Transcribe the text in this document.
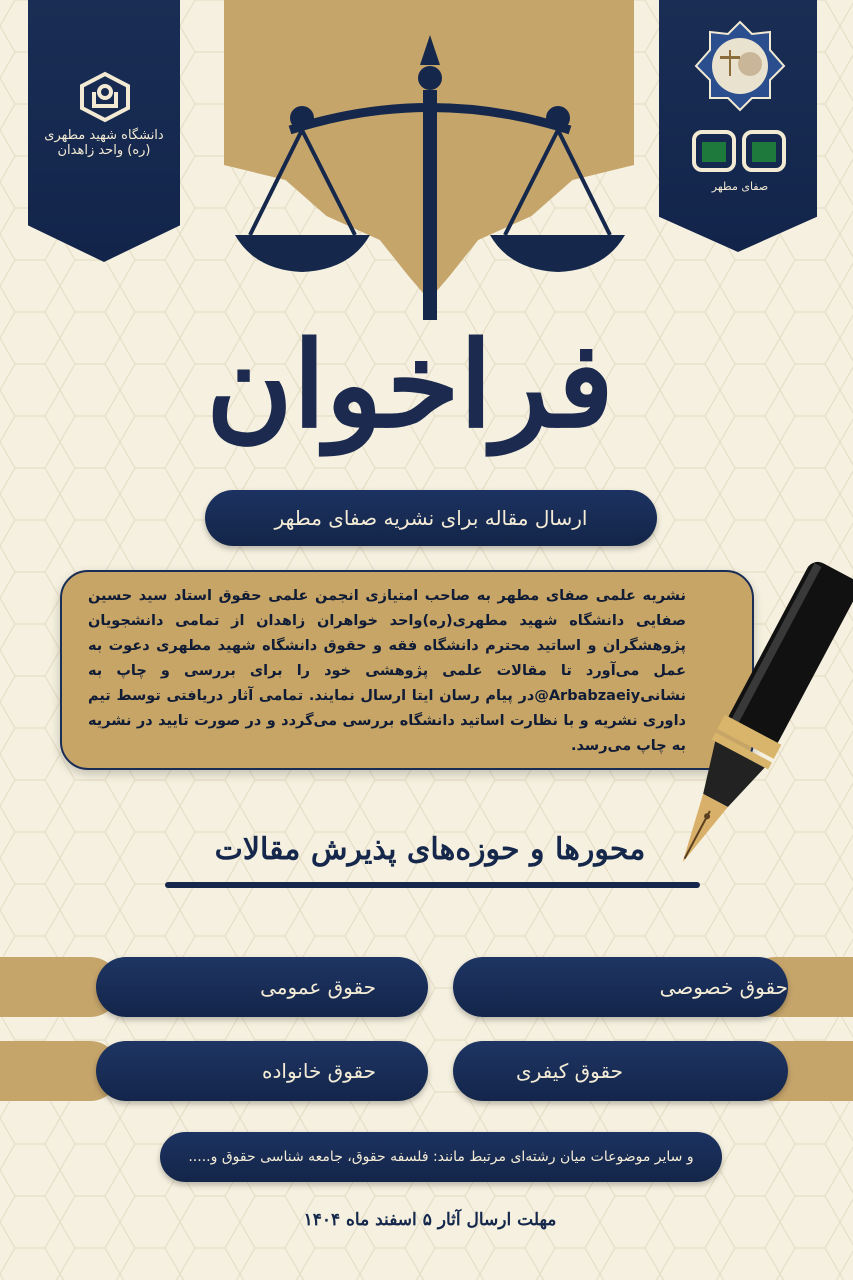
دانشگاه شهید مطهری (ره) واحد زاهدان
صفای مطهر
فراخوان
ارسال مقاله برای نشریه صفای مطهر
نشریه علمی صفای مطهر به صاحب امتیازی انجمن علمی حقوق استاد سید حسین صفایی دانشگاه شهید مطهری(ره)واحد خواهران زاهدان از تمامی دانشجویان پژوهشگران و اساتید محترم دانشگاه فقه و حقوق دانشگاه شهید مطهری دعوت به عمل می‌آورد تا مقالات علمی پژوهشی خود را برای بررسی و چاپ به نشانی‌Arbabzaeiy@در پیام رسان ایتا ارسال نمایند. تمامی آثار دریافتی توسط تیم داوری نشریه و با نظارت اساتید دانشگاه بررسی می‌گردد و در صورت تایید در نشریه به چاپ می‌رسد.
محورها و حوزه‌های پذیرش مقالات
حقوق خصوصی
حقوق عمومی
حقوق کیفری
حقوق خانواده
و سایر موضوعات میان رشته‌ای مرتبط مانند: فلسفه حقوق، جامعه شناسی حقوق و.....
مهلت ارسال آثار ۵ اسفند ماه ۱۴۰۴
